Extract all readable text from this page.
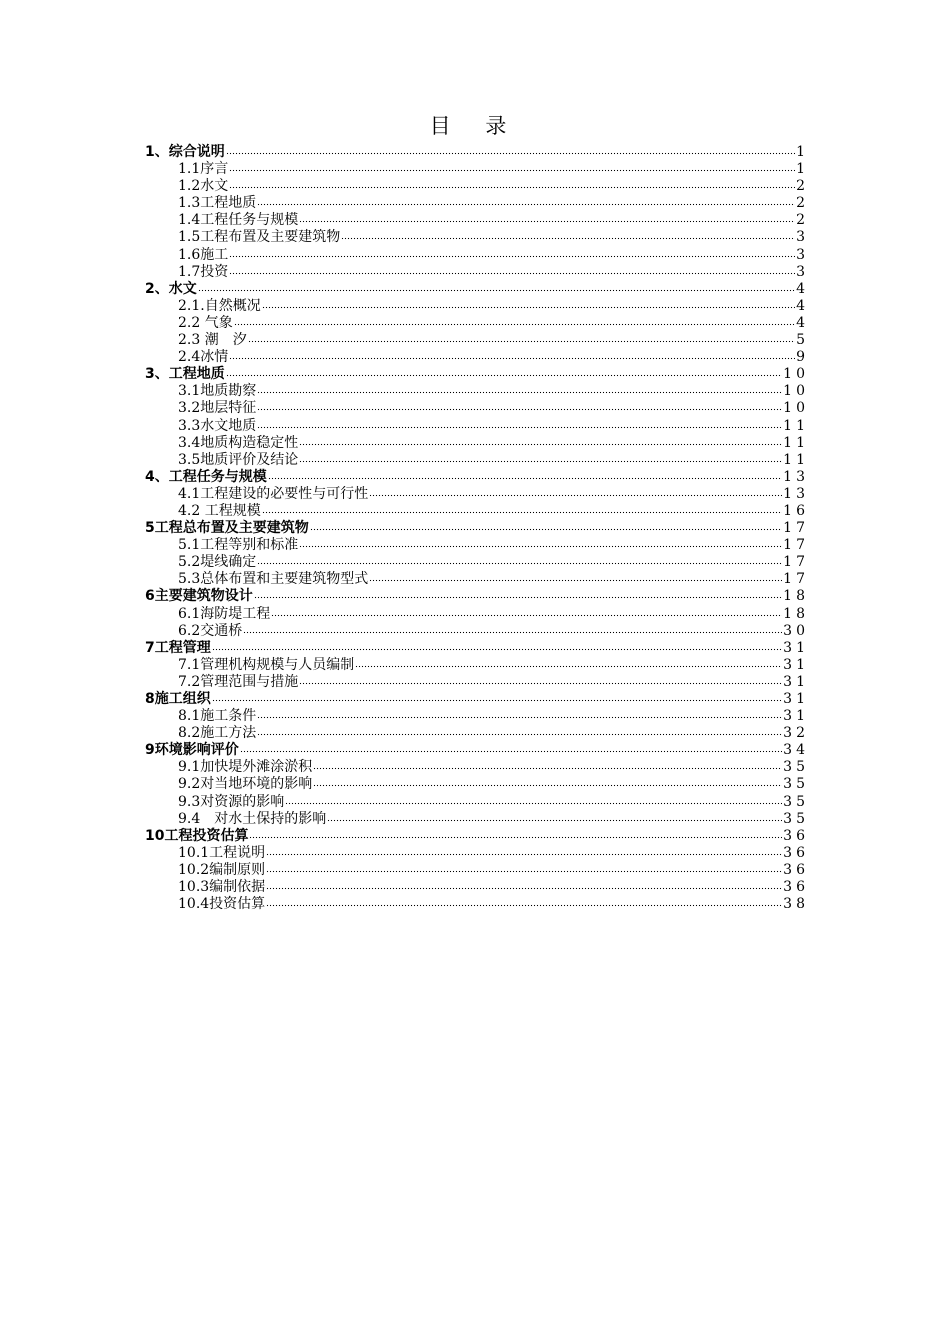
目 录
1、综合说明	1
1.1序言	1
1.2水文	2
1.3工程地质	2
1.4工程任务与规模	2
1.5工程布置及主要建筑物	3
1.6施工	3
1.7投资	3
2、水文	4
2.1.自然概况	4
2.2 气象	4
2.3 潮　汐	5
2.4冰情	9
3、工程地质	10
3.1地质勘察	10
3.2地层特征	10
3.3水文地质	11
3.4地质构造稳定性	11
3.5地质评价及结论	11
4、工程任务与规模	13
4.1工程建设的必要性与可行性	13
4.2 工程规模	16
5工程总布置及主要建筑物	17
5.1工程等别和标准	17
5.2堤线确定	17
5.3总体布置和主要建筑物型式	17
6主要建筑物设计	18
6.1海防堤工程	18
6.2交通桥	30
7工程管理	31
7.1管理机构规模与人员编制	31
7.2管理范围与措施	31
8施工组织	31
8.1施工条件	31
8.2施工方法	32
9环境影响评价	34
9.1加快堤外滩涂淤积	35
9.2对当地环境的影响	35
9.3对资源的影响	35
9.4　对水土保持的影响	35
10工程投资估算	36
10.1工程说明	36
10.2编制原则	36
10.3编制依据	36
10.4投资估算	38
